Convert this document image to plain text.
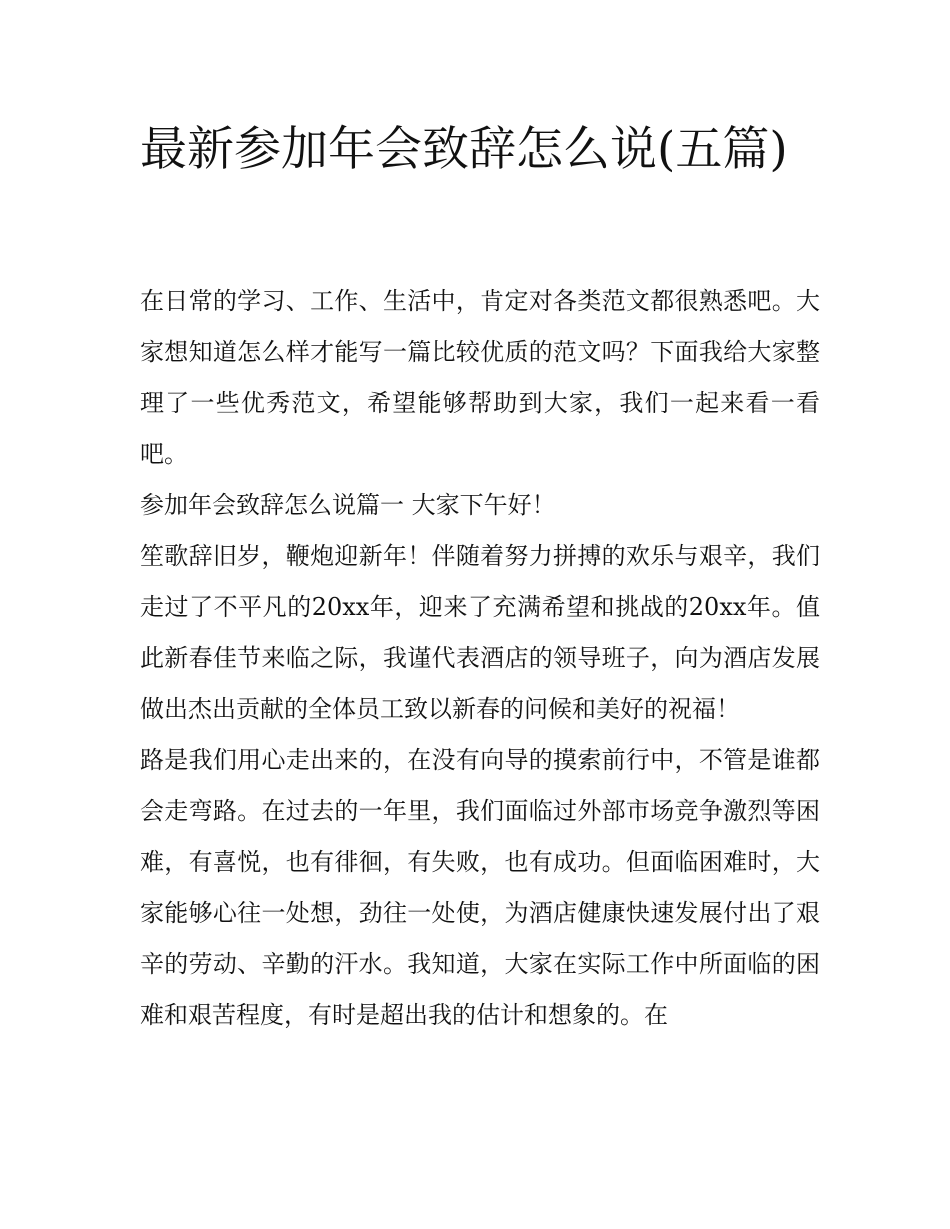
最新参加年会致辞怎么说(五篇)

在日常的学习、工作、生活中，肯定对各类范文都很熟悉吧。大家想知道怎么样才能写一篇比较优质的范文吗？下面我给大家整理了一些优秀范文，希望能够帮助到大家，我们一起来看一看吧。

参加年会致辞怎么说篇一 大家下午好！

笙歌辞旧岁，鞭炮迎新年！伴随着努力拼搏的欢乐与艰辛，我们走过了不平凡的20xx年，迎来了充满希望和挑战的20xx年。值此新春佳节来临之际，我谨代表酒店的领导班子，向为酒店发展做出杰出贡献的全体员工致以新春的问候和美好的祝福！

路是我们用心走出来的，在没有向导的摸索前行中，不管是谁都会走弯路。在过去的一年里，我们面临过外部市场竞争激烈等困难，有喜悦，也有徘徊，有失败，也有成功。但面临困难时，大家能够心往一处想，劲往一处使，为酒店健康快速发展付出了艰辛的劳动、辛勤的汗水。我知道，大家在实际工作中所面临的困难和艰苦程度，有时是超出我的估计和想象的。在
